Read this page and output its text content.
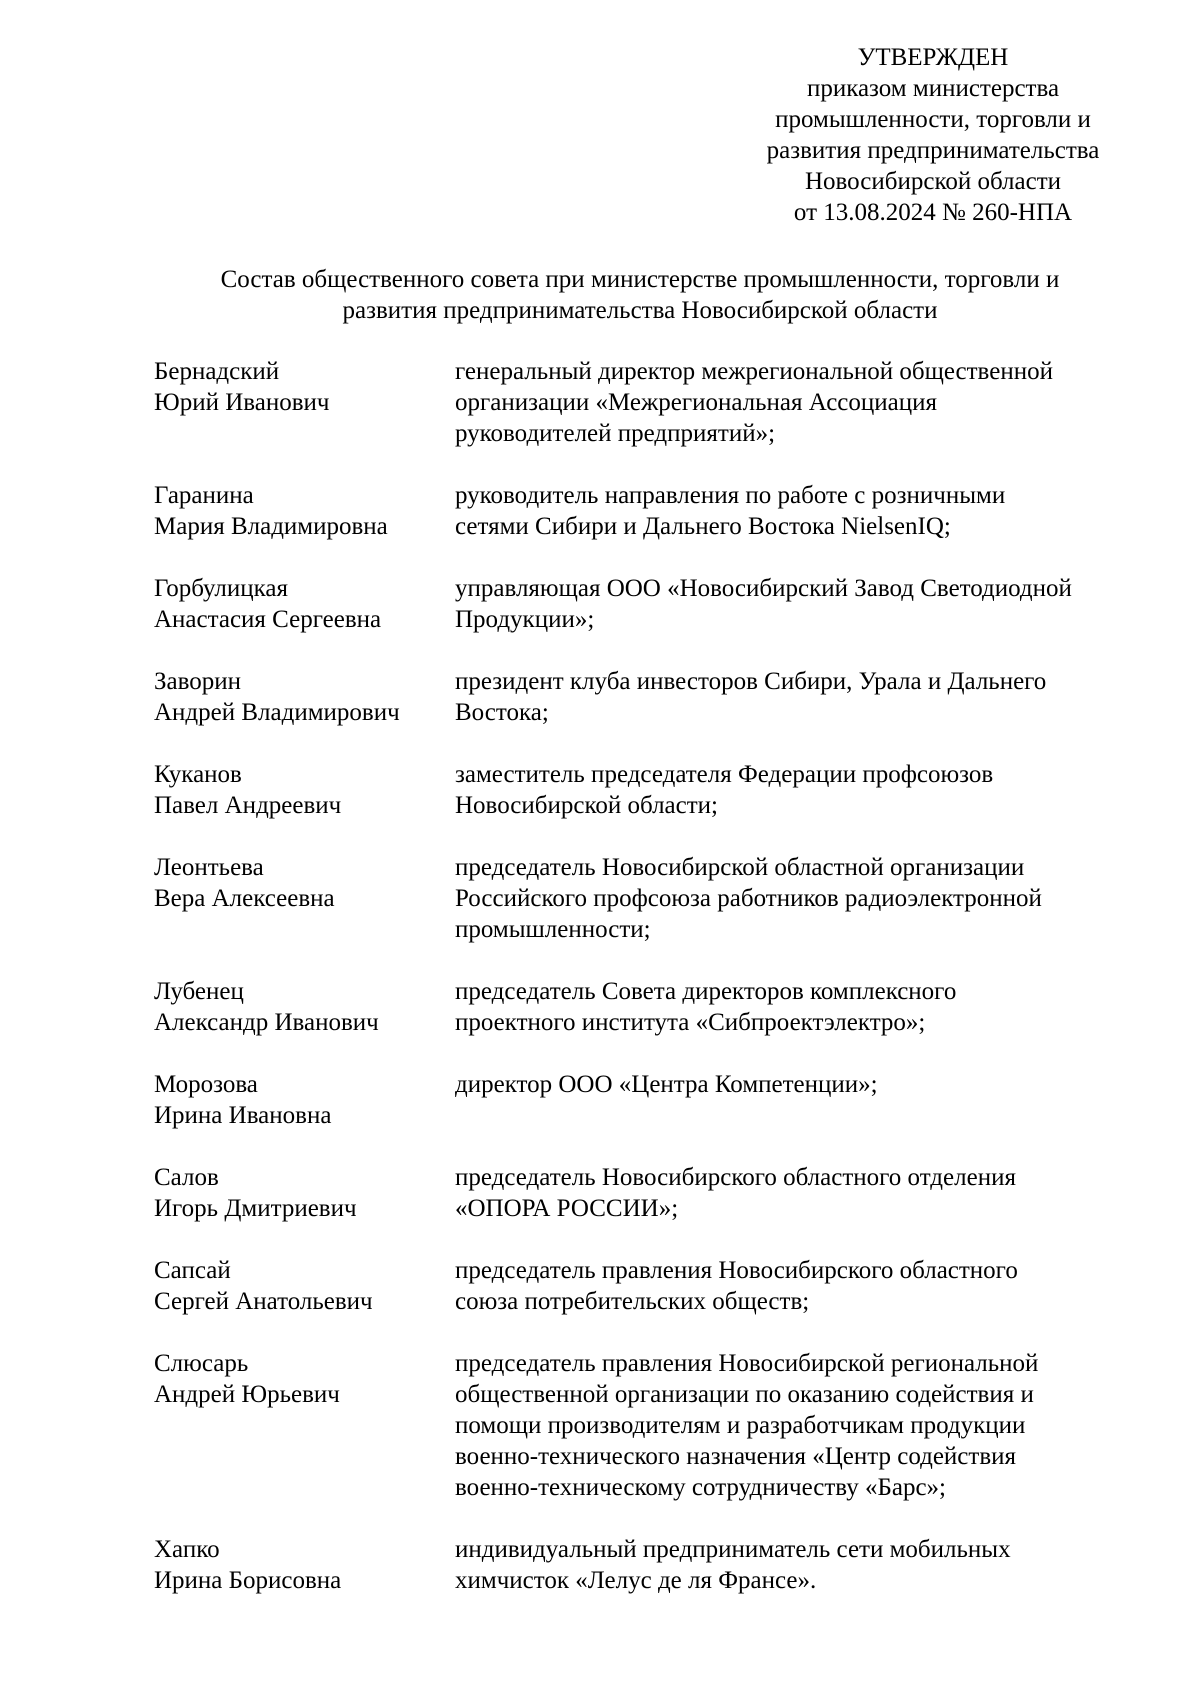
УТВЕРЖДЕН
приказом министерства
промышленности, торговли и
развития предпринимательства
Новосибирской области
от 13.08.2024 № 260-НПА
Состав общественного совета при министерстве промышленности, торговли и
развития предпринимательства Новосибирской области
Бернадский
Юрий Иванович
генеральный директор межрегиональной общественной
организации «Межрегиональная Ассоциация
руководителей предприятий»;
Гаранина
Мария Владимировна
руководитель направления по работе с розничными
сетями Сибири и Дальнего Востока NielsenIQ;
Горбулицкая
Анастасия Сергеевна
управляющая ООО «Новосибирский Завод Светодиодной
Продукции»;
Заворин
Андрей Владимирович
президент клуба инвесторов Сибири, Урала и Дальнего
Востока;
Куканов
Павел Андреевич
заместитель председателя Федерации профсоюзов
Новосибирской области;
Леонтьева
Вера Алексеевна
председатель Новосибирской областной организации
Российского профсоюза работников радиоэлектронной
промышленности;
Лубенец
Александр Иванович
председатель Совета директоров комплексного
проектного института «Сибпроектэлектро»;
Морозова
Ирина Ивановна
директор ООО «Центра Компетенции»;
Салов
Игорь Дмитриевич
председатель Новосибирского областного отделения
«ОПОРА РОССИИ»;
Сапсай
Сергей Анатольевич
председатель правления Новосибирского областного
союза потребительских обществ;
Слюсарь
Андрей Юрьевич
председатель правления Новосибирской региональной
общественной организации по оказанию содействия и
помощи производителям и разработчикам продукции
военно-технического назначения «Центр содействия
военно-техническому сотрудничеству «Барс»;
Хапко
Ирина Борисовна
индивидуальный предприниматель сети мобильных
химчисток «Лелус де ля Франсе».
